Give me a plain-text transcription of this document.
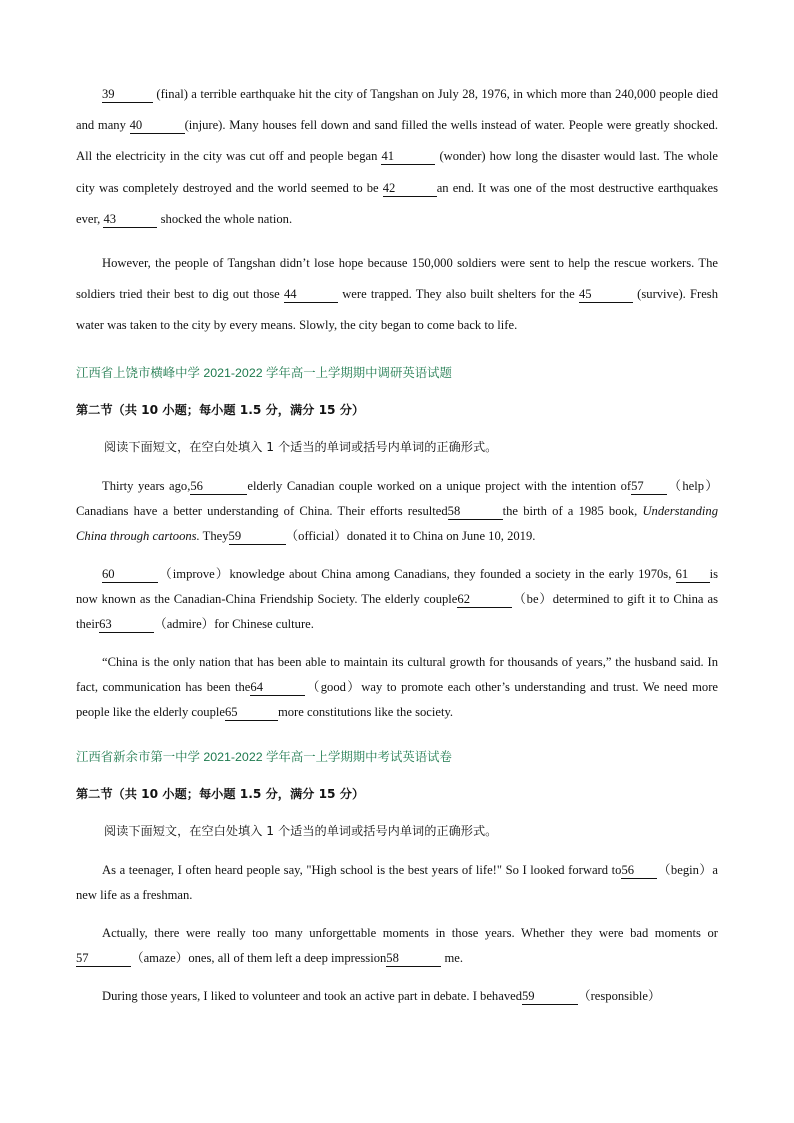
39	(final) a terrible earthquake hit the city of Tangshan on July 28, 1976, in which more than 240,000 people died and many 40	(injure). Many houses fell down and sand filled the wells instead of water. People were greatly shocked. All the electricity in the city was cut off and people began 41	(wonder) how long the disaster would last. The whole city was completely destroyed and the world seemed to be 42	an end. It was one of the most destructive earthquakes ever, 43	shocked the whole nation.

However, the people of Tangshan didn’t lose hope because 150,000 soldiers were sent to help the rescue workers. The soldiers tried their best to dig out those 44	were trapped. They also built shelters for the 45	(survive). Fresh water was taken to the city by every means. Slowly, the city began to come back to life.

江西省上饶市横峰中学 2021-2022 学年高一上学期期中调研英语试题
第二节（共 10 小题；每小题 1.5 分，满分 15 分）
阅读下面短文，在空白处填入 1 个适当的单词或括号内单词的正确形式。

Thirty years ago,56	elderly Canadian couple worked on a unique project with the intention of57 （help）Canadians have a better understanding of China. Their efforts resulted58	the birth of a 1985 book, Understanding China through cartoons. They59	（official）donated it to China on June 10, 2019.

60	（improve）knowledge about China among Canadians, they founded a society in the early 1970s, 61 is now known as the Canadian-China Friendship Society. The elderly couple62	（be）determined to gift it to China as their63	（admire）for Chinese culture.

“China is the only nation that has been able to maintain its cultural growth for thousands of years,” the husband said. In fact, communication has been the64	（good）way to promote each other’s understanding and trust. We need more people like the elderly couple65	more constitutions like the society.

江西省新余市第一中学 2021-2022 学年高一上学期期中考试英语试卷
第二节（共 10 小题；每小题 1.5 分，满分 15 分）
阅读下面短文，在空白处填入 1 个适当的单词或括号内单词的正确形式。

As a teenager, I often heard people say, "High school is the best years of life!" So I looked forward to56 （begin）a new life as a freshman.

Actually, there were really too many unforgettable moments in those years. Whether they were bad moments or57	（amaze）ones, all of them left a deep impression58	me.

During those years, I liked to volunteer and took an active part in debate. I behaved59	（responsible）
